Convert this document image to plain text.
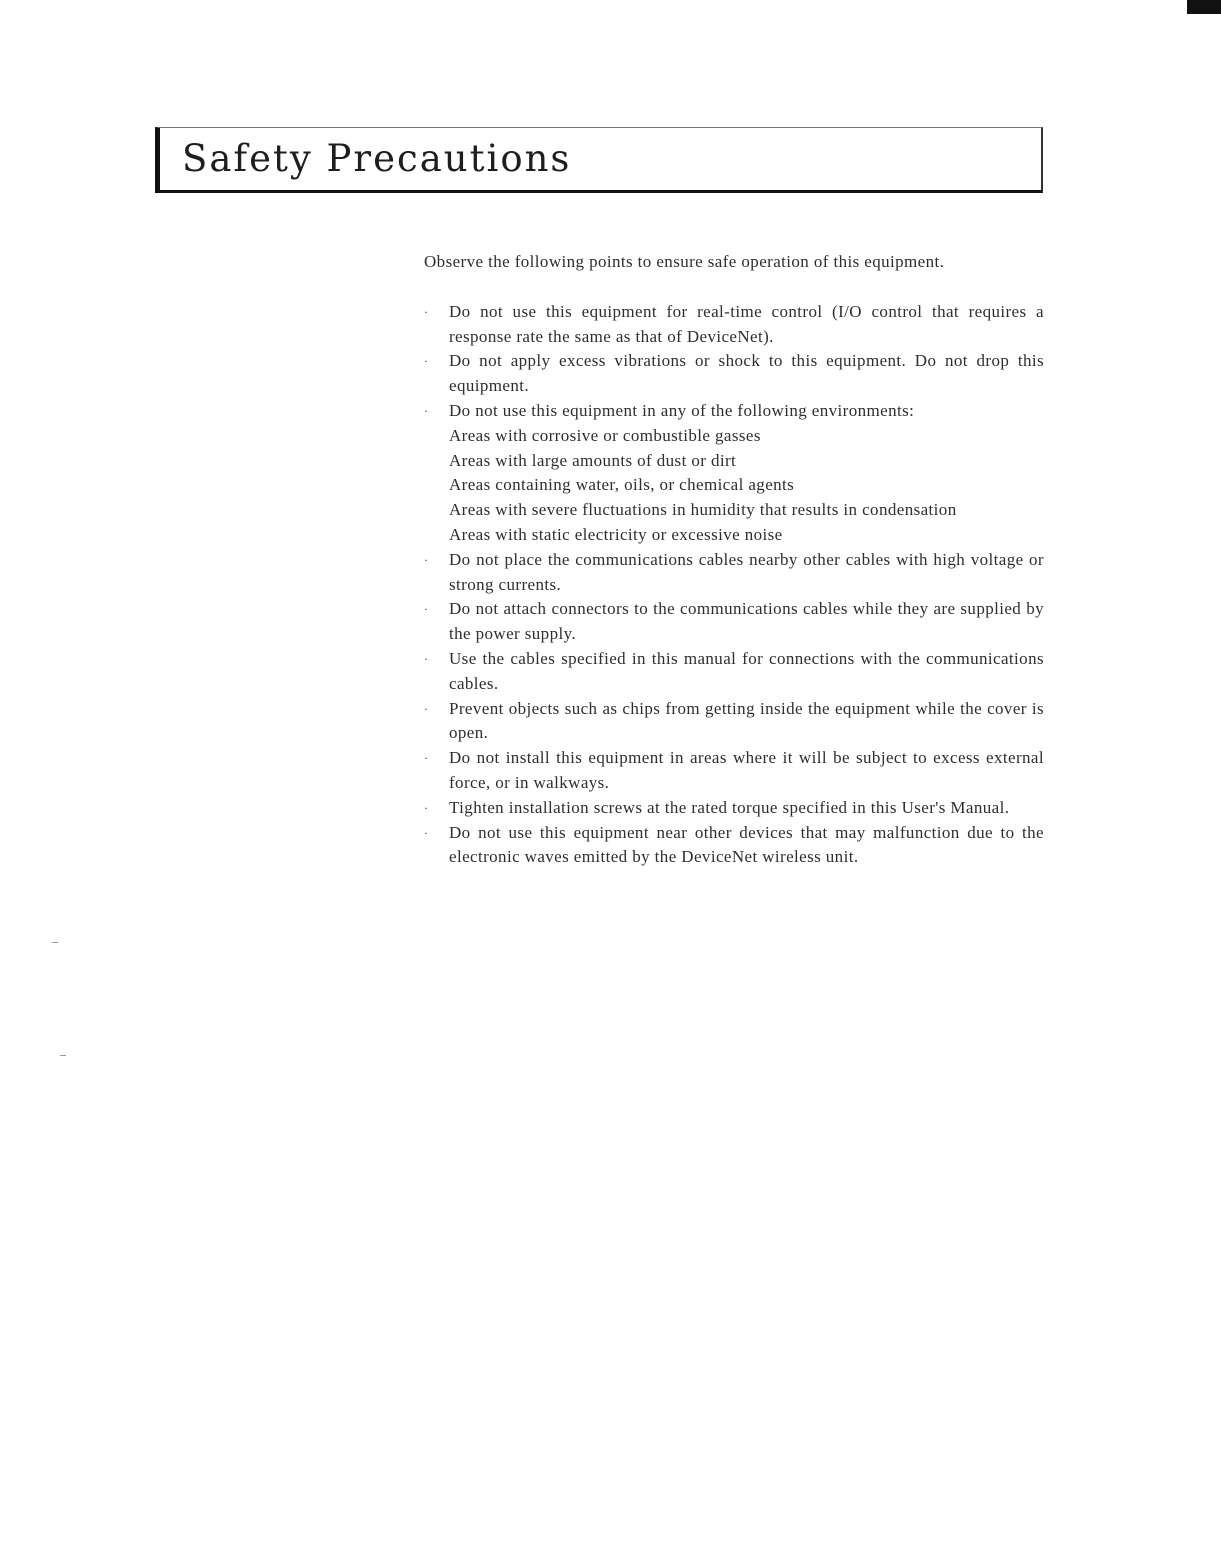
Safety Precautions

Observe the following points to ensure safe operation of this equipment.

·	Do not use this equipment for real-time control (I/O control that requires a response rate the same as that of DeviceNet).
·	Do not apply excess vibrations or shock to this equipment. Do not drop this equipment.
·	Do not use this equipment in any of the following environments:
Areas with corrosive or combustible gasses
Areas with large amounts of dust or dirt
Areas containing water, oils, or chemical agents
Areas with severe fluctuations in humidity that results in condensation
Areas with static electricity or excessive noise
·	Do not place the communications cables nearby other cables with high voltage or strong currents.
·	Do not attach connectors to the communications cables while they are supplied by the power supply.
·	Use the cables specified in this manual for connections with the communications cables.
·	Prevent objects such as chips from getting inside the equipment while the cover is open.
·	Do not install this equipment in areas where it will be subject to excess external force, or in walkways.
·	Tighten installation screws at the rated torque specified in this User's Manual.
·	Do not use this equipment near other devices that may malfunction due to the electronic waves emitted by the DeviceNet wireless unit.
